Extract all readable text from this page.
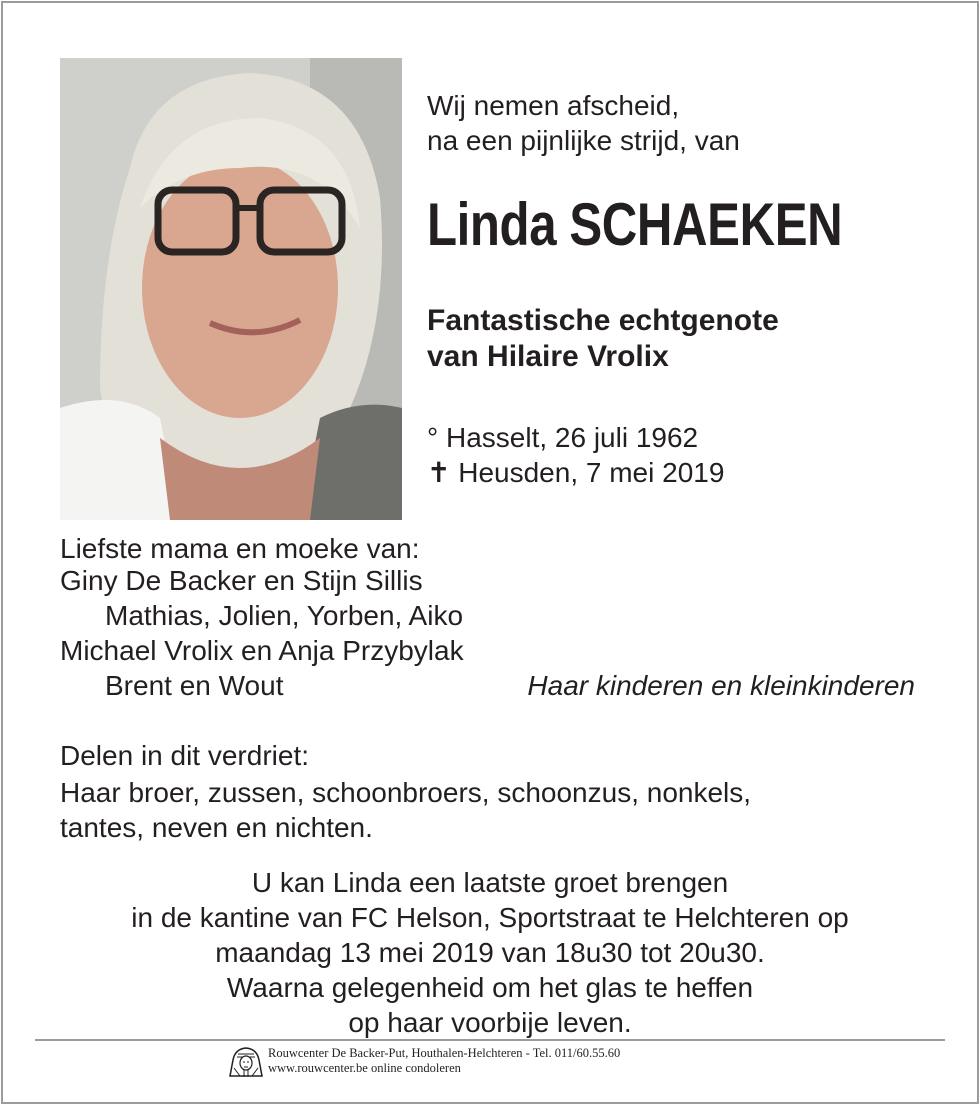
Wij nemen afscheid,
na een pijnlijke strijd, van
Linda SCHAEKEN
Fantastische echtgenote
van Hilaire Vrolix
° Hasselt, 26 juli 1962
✝ Heusden, 7 mei 2019
Liefste mama en moeke van:
Giny De Backer en Stijn Sillis
Mathias, Jolien, Yorben, Aiko
Michael Vrolix en Anja Przybylak
Brent en Wout	Haar kinderen en kleinkinderen
Delen in dit verdriet:
Haar broer, zussen, schoonbroers, schoonzus, nonkels,
tantes, neven en nichten.
U kan Linda een laatste groet brengen
in de kantine van FC Helson, Sportstraat te Helchteren op
maandag 13 mei 2019 van 18u30 tot 20u30.
Waarna gelegenheid om het glas te heffen
op haar voorbije leven.
Rouwcenter De Backer-Put, Houthalen-Helchteren - Tel. 011/60.55.60
www.rouwcenter.be online condoleren
